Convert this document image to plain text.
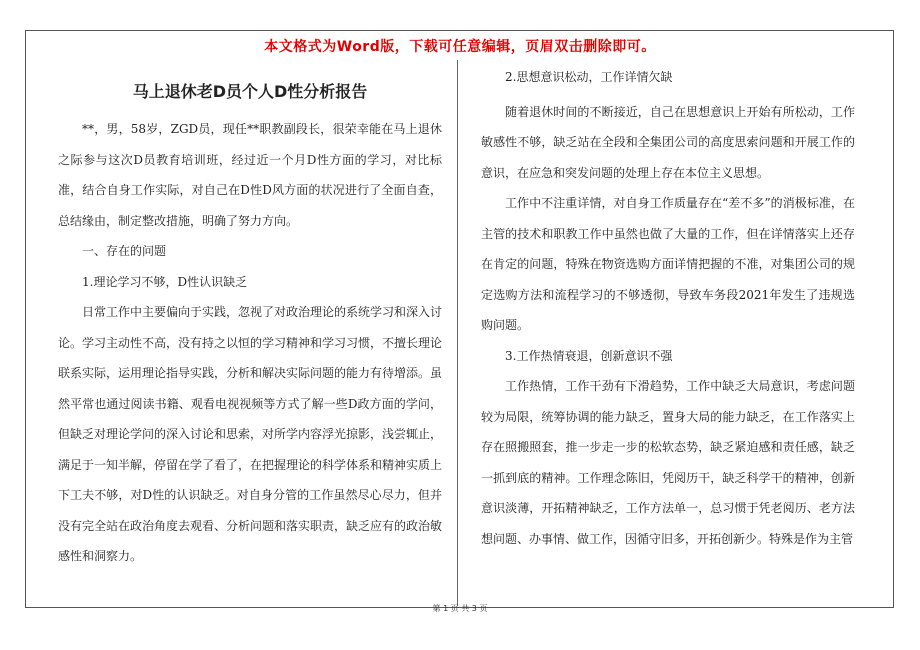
本文格式为Word版，下载可任意编辑，页眉双击删除即可。
马上退休老D员个人D性分析报告

**，男，58岁，ZGD员，现任**职教副段长，很荣幸能在马上退休之际参与这次D员教育培训班，经过近一个月D性方面的学习，对比标准，结合自身工作实际，对自己在D性D风方面的状况进行了全面自查，总结缘由，制定整改措施，明确了努力方向。

一、存在的问题

1.理论学习不够，D性认识缺乏

日常工作中主要偏向于实践，忽视了对政治理论的系统学习和深入讨论。学习主动性不高，没有持之以恒的学习精神和学习习惯，不擅长理论联系实际，运用理论指导实践，分析和解决实际问题的能力有待增添。虽然平常也通过阅读书籍、观看电视视频等方式了解一些D政方面的学问，但缺乏对理论学问的深入讨论和思索，对所学内容浮光掠影，浅尝辄止，满足于一知半解，停留在学了看了，在把握理论的科学体系和精神实质上下工夫不够，对D性的认识缺乏。对自身分管的工作虽然尽心尽力，但并没有完全站在政治角度去观看、分析问题和落实职责，缺乏应有的政治敏感性和洞察力。

2.思想意识松动，工作详情欠缺

随着退休时间的不断接近，自己在思想意识上开始有所松动，工作敏感性不够，缺乏站在全段和全集团公司的高度思索问题和开展工作的意识，在应急和突发问题的处理上存在本位主义思想。

工作中不注重详情，对自身工作质量存在“差不多”的消极标准，在主管的技术和职教工作中虽然也做了大量的工作，但在详情落实上还存在肯定的问题，特殊在物资选购方面详情把握的不准，对集团公司的规定选购方法和流程学习的不够透彻，导致车务段2021年发生了违规选购问题。

3.工作热情衰退，创新意识不强

工作热情，工作干劲有下滑趋势，工作中缺乏大局意识，考虑问题较为局限，统筹协调的能力缺乏，置身大局的能力缺乏，在工作落实上存在照搬照套，推一步走一步的松软态势，缺乏紧迫感和责任感，缺乏一抓到底的精神。工作理念陈旧，凭阅历干，缺乏科学干的精神，创新意识淡薄，开拓精神缺乏，工作方法单一，总习惯于凭老阅历、老方法想问题、办事情、做工作，因循守旧多，开拓创新少。特殊是作为主管

第 1 页 共 3 页
